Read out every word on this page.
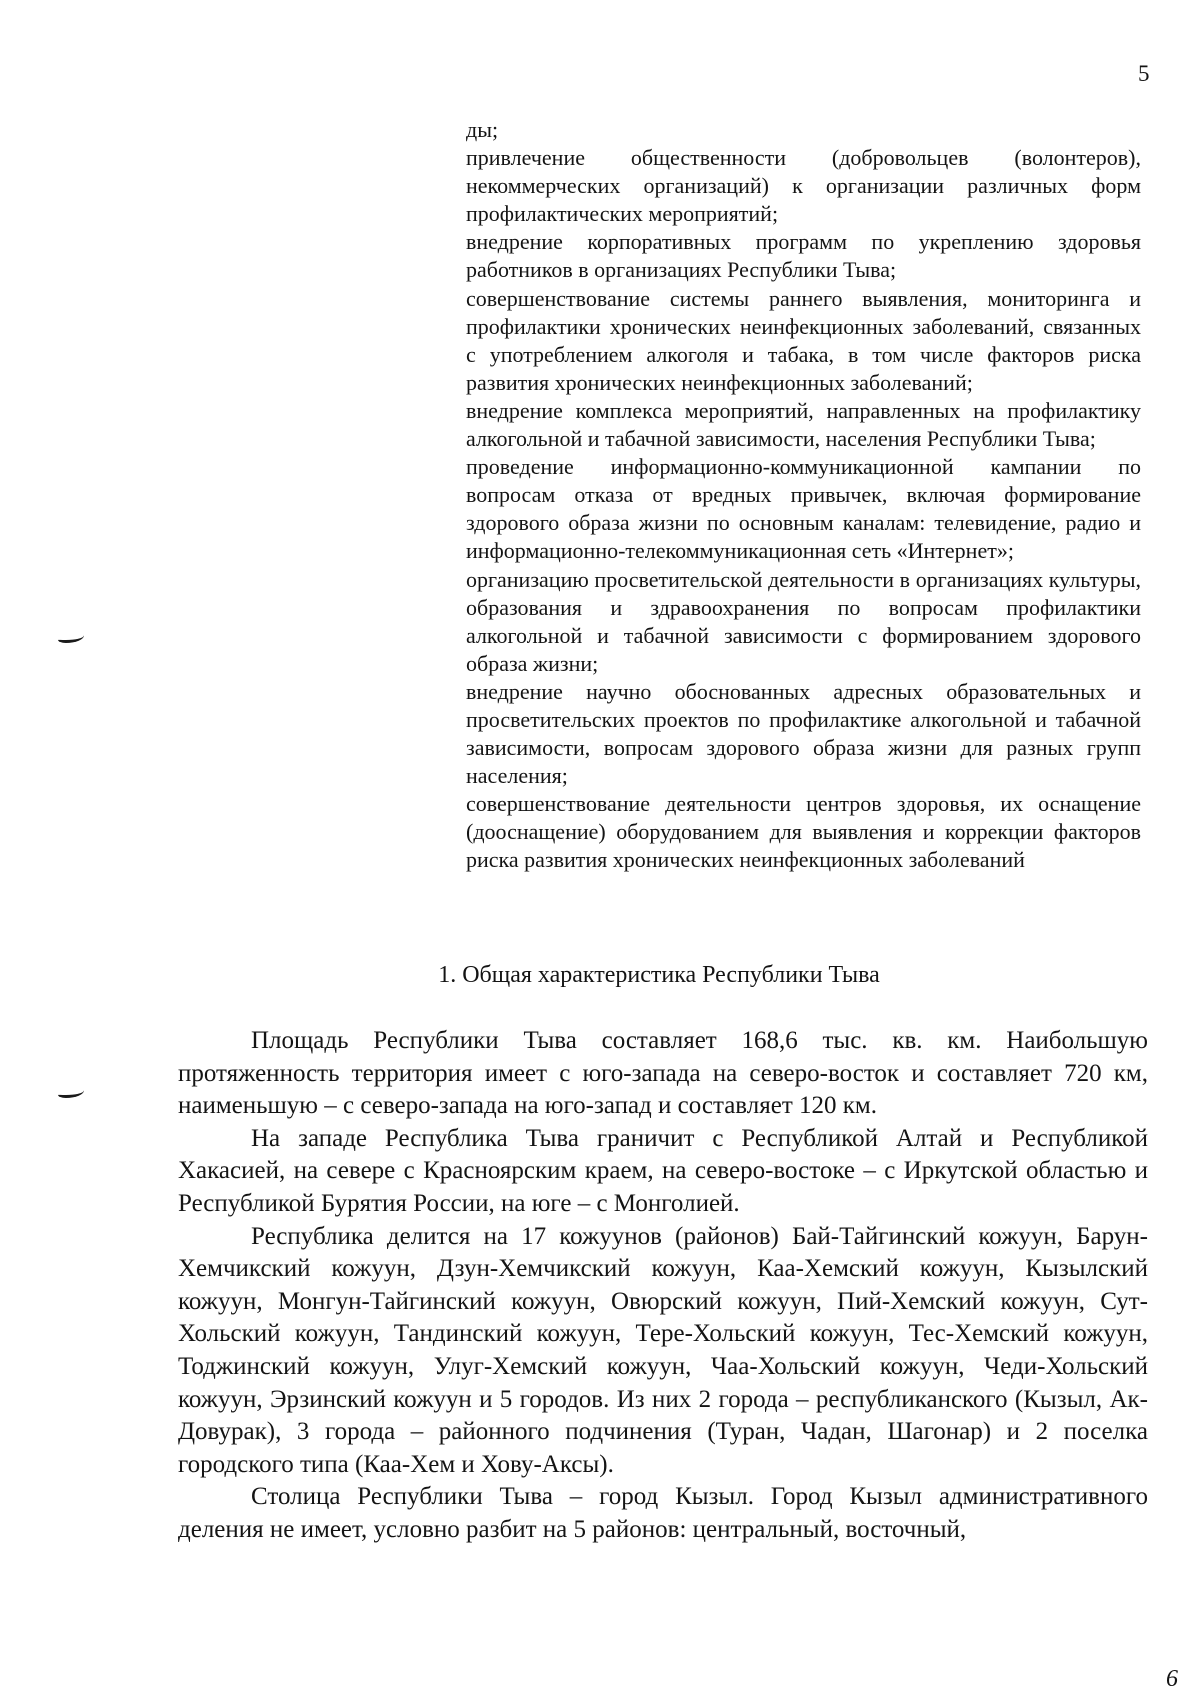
5

ды;

привлечение общественности (добровольцев (волонтеров), некоммерческих организаций) к организации различных форм профилактических мероприятий;

внедрение корпоративных программ по укреплению здоровья работников в организациях Республики Тыва;

совершенствование системы раннего выявления, мониторинга и профилактики хронических неинфекционных заболеваний, связанных с употреблением алкоголя и табака, в том числе факторов риска развития хронических неинфекционных заболеваний;

внедрение комплекса мероприятий, направленных на профилактику алкогольной и табачной зависимости, населения Республики Тыва;

проведение информационно-коммуникационной кампании по вопросам отказа от вредных привычек, включая формирование здорового образа жизни по основным каналам: телевидение, радио и информационно-телекоммуникационная сеть «Интернет»;

организацию просветительской деятельности в организациях культуры, образования и здравоохранения по вопросам профилактики алкогольной и табачной зависимости с формированием здорового образа жизни;

внедрение научно обоснованных адресных образовательных и просветительских проектов по профилактике алкогольной и табачной зависимости, вопросам здорового образа жизни для разных групп населения;

совершенствование деятельности центров здоровья, их оснащение (дооснащение) оборудованием для выявления и коррекции факторов риска развития хронических неинфекционных заболеваний

1. Общая характеристика Республики Тыва

Площадь Республики Тыва составляет 168,6 тыс. кв. км. Наибольшую протяженность территория имеет с юго-запада на северо-восток и составляет 720 км, наименьшую – с северо-запада на юго-запад и составляет 120 км.

На западе Республика Тыва граничит с Республикой Алтай и Республикой Хакасией, на севере с Красноярским краем, на северо-востоке – с Иркутской областью и Республикой Бурятия России, на юге – с Монголией.

Республика делится на 17 кожуунов (районов) Бай-Тайгинский кожуун, Барун-Хемчикский кожуун, Дзун-Хемчикский кожуун, Каа-Хемский кожуун, Кызылский кожуун, Монгун-Тайгинский кожуун, Овюрский кожуун, Пий-Хемский кожуун, Сут-Хольский кожуун, Тандинский кожуун, Тере-Хольский кожуун, Тес-Хемский кожуун, Тоджинский кожуун, Улуг-Хемский кожуун, Чаа-Хольский кожуун, Чеди-Хольский кожуун, Эрзинский кожуун и 5 городов. Из них 2 города – республиканского (Кызыл, Ак-Довурак), 3 города – районного подчинения (Туран, Чадан, Шагонар) и 2 поселка городского типа (Каа-Хем и Хову-Аксы).

Столица Республики Тыва – город Кызыл. Город Кызыл административного деления не имеет, условно разбит на 5 районов: центральный, восточный,

6
